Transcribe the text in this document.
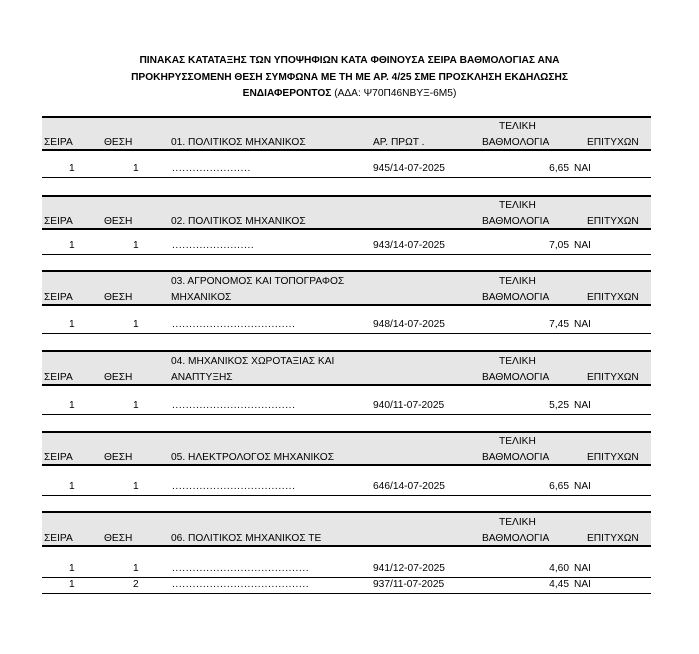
ΠΙΝΑΚΑΣ ΚΑΤΑΤΑΞΗΣ ΤΩΝ ΥΠΟΨΗΦΙΩΝ ΚΑΤΑ ΦΘΙΝΟΥΣΑ ΣΕΙΡΑ ΒΑΘΜΟΛΟΓΙΑΣ ΑΝΑ
ΠΡΟΚΗΡΥΣΣΟΜΕΝΗ ΘΕΣΗ ΣΥΜΦΩΝΑ ΜΕ ΤΗ ΜΕ ΑΡ. 4/25 ΣΜΕ ΠΡΟΣΚΛΗΣΗ ΕΚΔΗΛΩΣΗΣ
ΕΝΔΙΑΦΕΡΟΝΤΟΣ (ΑΔΑ: Ψ70Π46ΝΒΥΞ-6Μ5)
ΣΕΙΡΑ	ΘΕΣΗ	01. ΠΟΛΙΤΙΚΟΣ ΜΗΧΑΝΙΚΟΣ	ΑΡ. ΠΡΩΤ .
ΤΕΛΙΚΗ
ΒΑΘΜΟΛΟΓΙΑ	ΕΠΙΤΥΧΩΝ
1	1	.......................	945/14-07-2025	6,65 ΝΑΙ
ΣΕΙΡΑ	ΘΕΣΗ	02. ΠΟΛΙΤΙΚΟΣ ΜΗΧΑΝΙΚΟΣ
ΤΕΛΙΚΗ
ΒΑΘΜΟΛΟΓΙΑ	ΕΠΙΤΥΧΩΝ
1	1	........................	943/14-07-2025	7,05 ΝΑΙ
ΣΕΙΡΑ	ΘΕΣΗ
03. ΑΓΡΟΝΟΜΟΣ ΚΑΙ ΤΟΠΟΓΡΑΦΟΣ
ΜΗΧΑΝΙΚΟΣ
ΤΕΛΙΚΗ
ΒΑΘΜΟΛΟΓΙΑ	ΕΠΙΤΥΧΩΝ
1	1	....................................	948/14-07-2025	7,45 ΝΑΙ
ΣΕΙΡΑ	ΘΕΣΗ
04. ΜΗΧΑΝΙΚΟΣ ΧΩΡΟΤΑΞΙΑΣ ΚΑΙ
ΑΝΑΠΤΥΞΗΣ
ΤΕΛΙΚΗ
ΒΑΘΜΟΛΟΓΙΑ	ΕΠΙΤΥΧΩΝ
1	1	....................................	940/11-07-2025	5,25 ΝΑΙ
ΣΕΙΡΑ	ΘΕΣΗ	05. ΗΛΕΚΤΡΟΛΟΓΟΣ ΜΗΧΑΝΙΚΟΣ
ΤΕΛΙΚΗ
ΒΑΘΜΟΛΟΓΙΑ	ΕΠΙΤΥΧΩΝ
1	1	....................................	646/14-07-2025	6,65 ΝΑΙ
ΣΕΙΡΑ	ΘΕΣΗ	06. ΠΟΛΙΤΙΚΟΣ ΜΗΧΑΝΙΚΟΣ ΤΕ
ΤΕΛΙΚΗ
ΒΑΘΜΟΛΟΓΙΑ	ΕΠΙΤΥΧΩΝ
1	1	........................................	941/12-07-2025	4,60 ΝΑΙ
1	2	........................................	937/11-07-2025	4,45 ΝΑΙ
